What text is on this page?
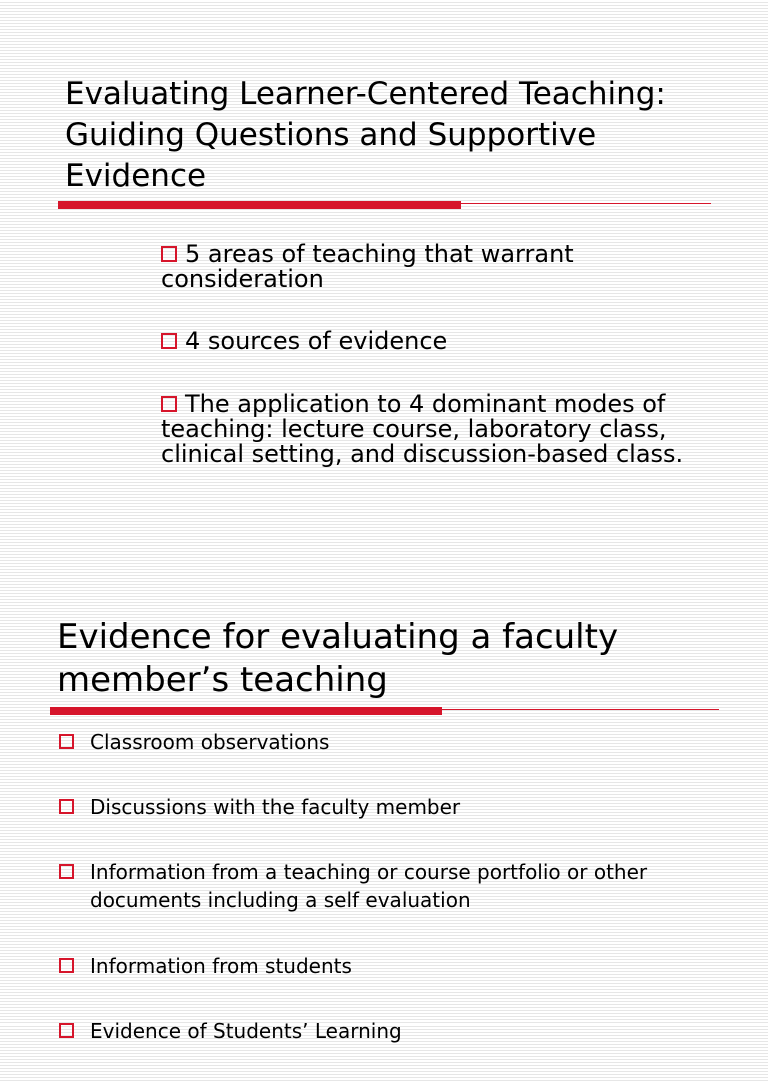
Evaluating Learner-Centered Teaching: Guiding Questions and Supportive Evidence
5 areas of teaching that warrant consideration
4 sources of evidence
The application to 4 dominant modes of teaching: lecture course, laboratory class, clinical setting, and discussion-based class.
Evidence for evaluating a faculty member’s teaching
Classroom observations
Discussions with the faculty member
Information from a teaching or course portfolio or other documents including a self evaluation
Information from students
Evidence of Students’ Learning
